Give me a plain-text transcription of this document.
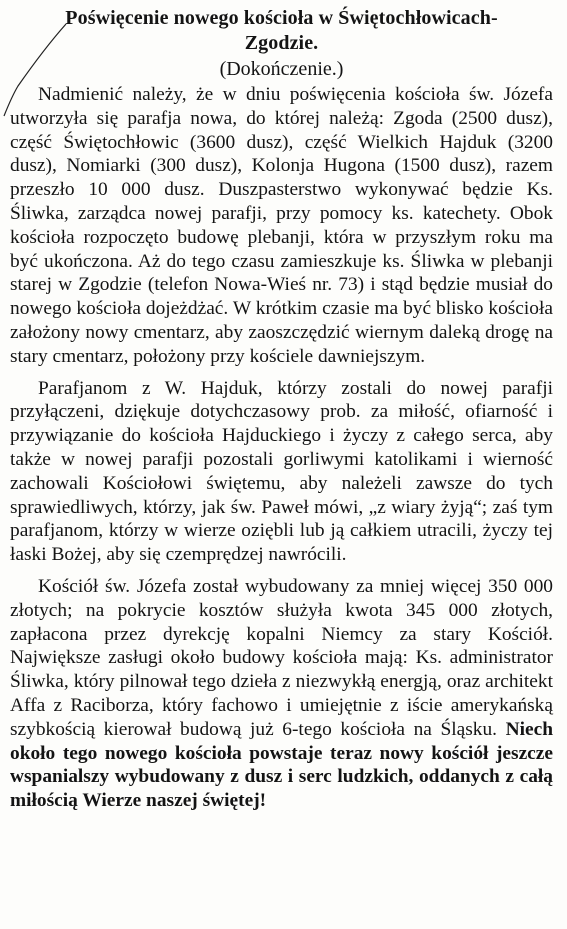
Poświęcenie nowego kościoła w Świętochłowicach-
Zgodzie.
(Dokończenie.)

Nadmienić należy, że w dniu poświęcenia kościoła św. Józefa utworzyła się parafja nowa, do której należą: Zgoda (2500 dusz), część Świętochłowic (3600 dusz), część Wielkich Hajduk (3200 dusz), Nomiarki (300 dusz), Kolonja Hugona (1500 dusz), razem przeszło 10 000 dusz. Duszpasterstwo wykonywać będzie Ks. Śliwka, zarządca nowej parafji, przy pomocy ks. katechety. Obok kościoła rozpoczęto budowę plebanji, która w przyszłym roku ma być ukończona. Aż do tego czasu zamieszkuje ks. Śliwka w plebanji starej w Zgodzie (telefon Nowa-Wieś nr. 73) i stąd będzie musiał do nowego kościoła dojeżdżać. W krótkim czasie ma być blisko kościoła założony nowy cmentarz, aby zaoszczędzić wiernym daleką drogę na stary cmentarz, położony przy kościele dawniejszym.

Parafjanom z W. Hajduk, którzy zostali do nowej parafji przyłączeni, dziękuje dotychczasowy prob. za miłość, ofiarność i przywiązanie do kościoła Hajduckiego i życzy z całego serca, aby także w nowej parafji pozostali gorliwymi katolikami i wierność zachowali Kościołowi świętemu, aby należeli zawsze do tych sprawiedliwych, którzy, jak św. Paweł mówi, „z wiary żyją“; zaś tym parafjanom, którzy w wierze oziębli lub ją całkiem utracili, życzy tej łaski Bożej, aby się czemprędzej nawrócili.

Kościół św. Józefa został wybudowany za mniej więcej 350 000 złotych; na pokrycie kosztów służyła kwota 345 000 złotych, zapłacona przez dyrekcję kopalni Niemcy za stary Kościół. Największe zasługi około budowy kościoła mają: Ks. administrator Śliwka, który pilnował tego dzieła z niezwykłą energją, oraz architekt Affa z Raciborza, który fachowo i umiejętnie z iście amerykańską szybkością kierował budową już 6-tego kościoła na Śląsku. Niech około tego nowego kościoła powstaje teraz nowy kościół jeszcze wspanialszy wybudowany z dusz i serc ludzkich, oddanych z całą miłością Wierze naszej świętej!
